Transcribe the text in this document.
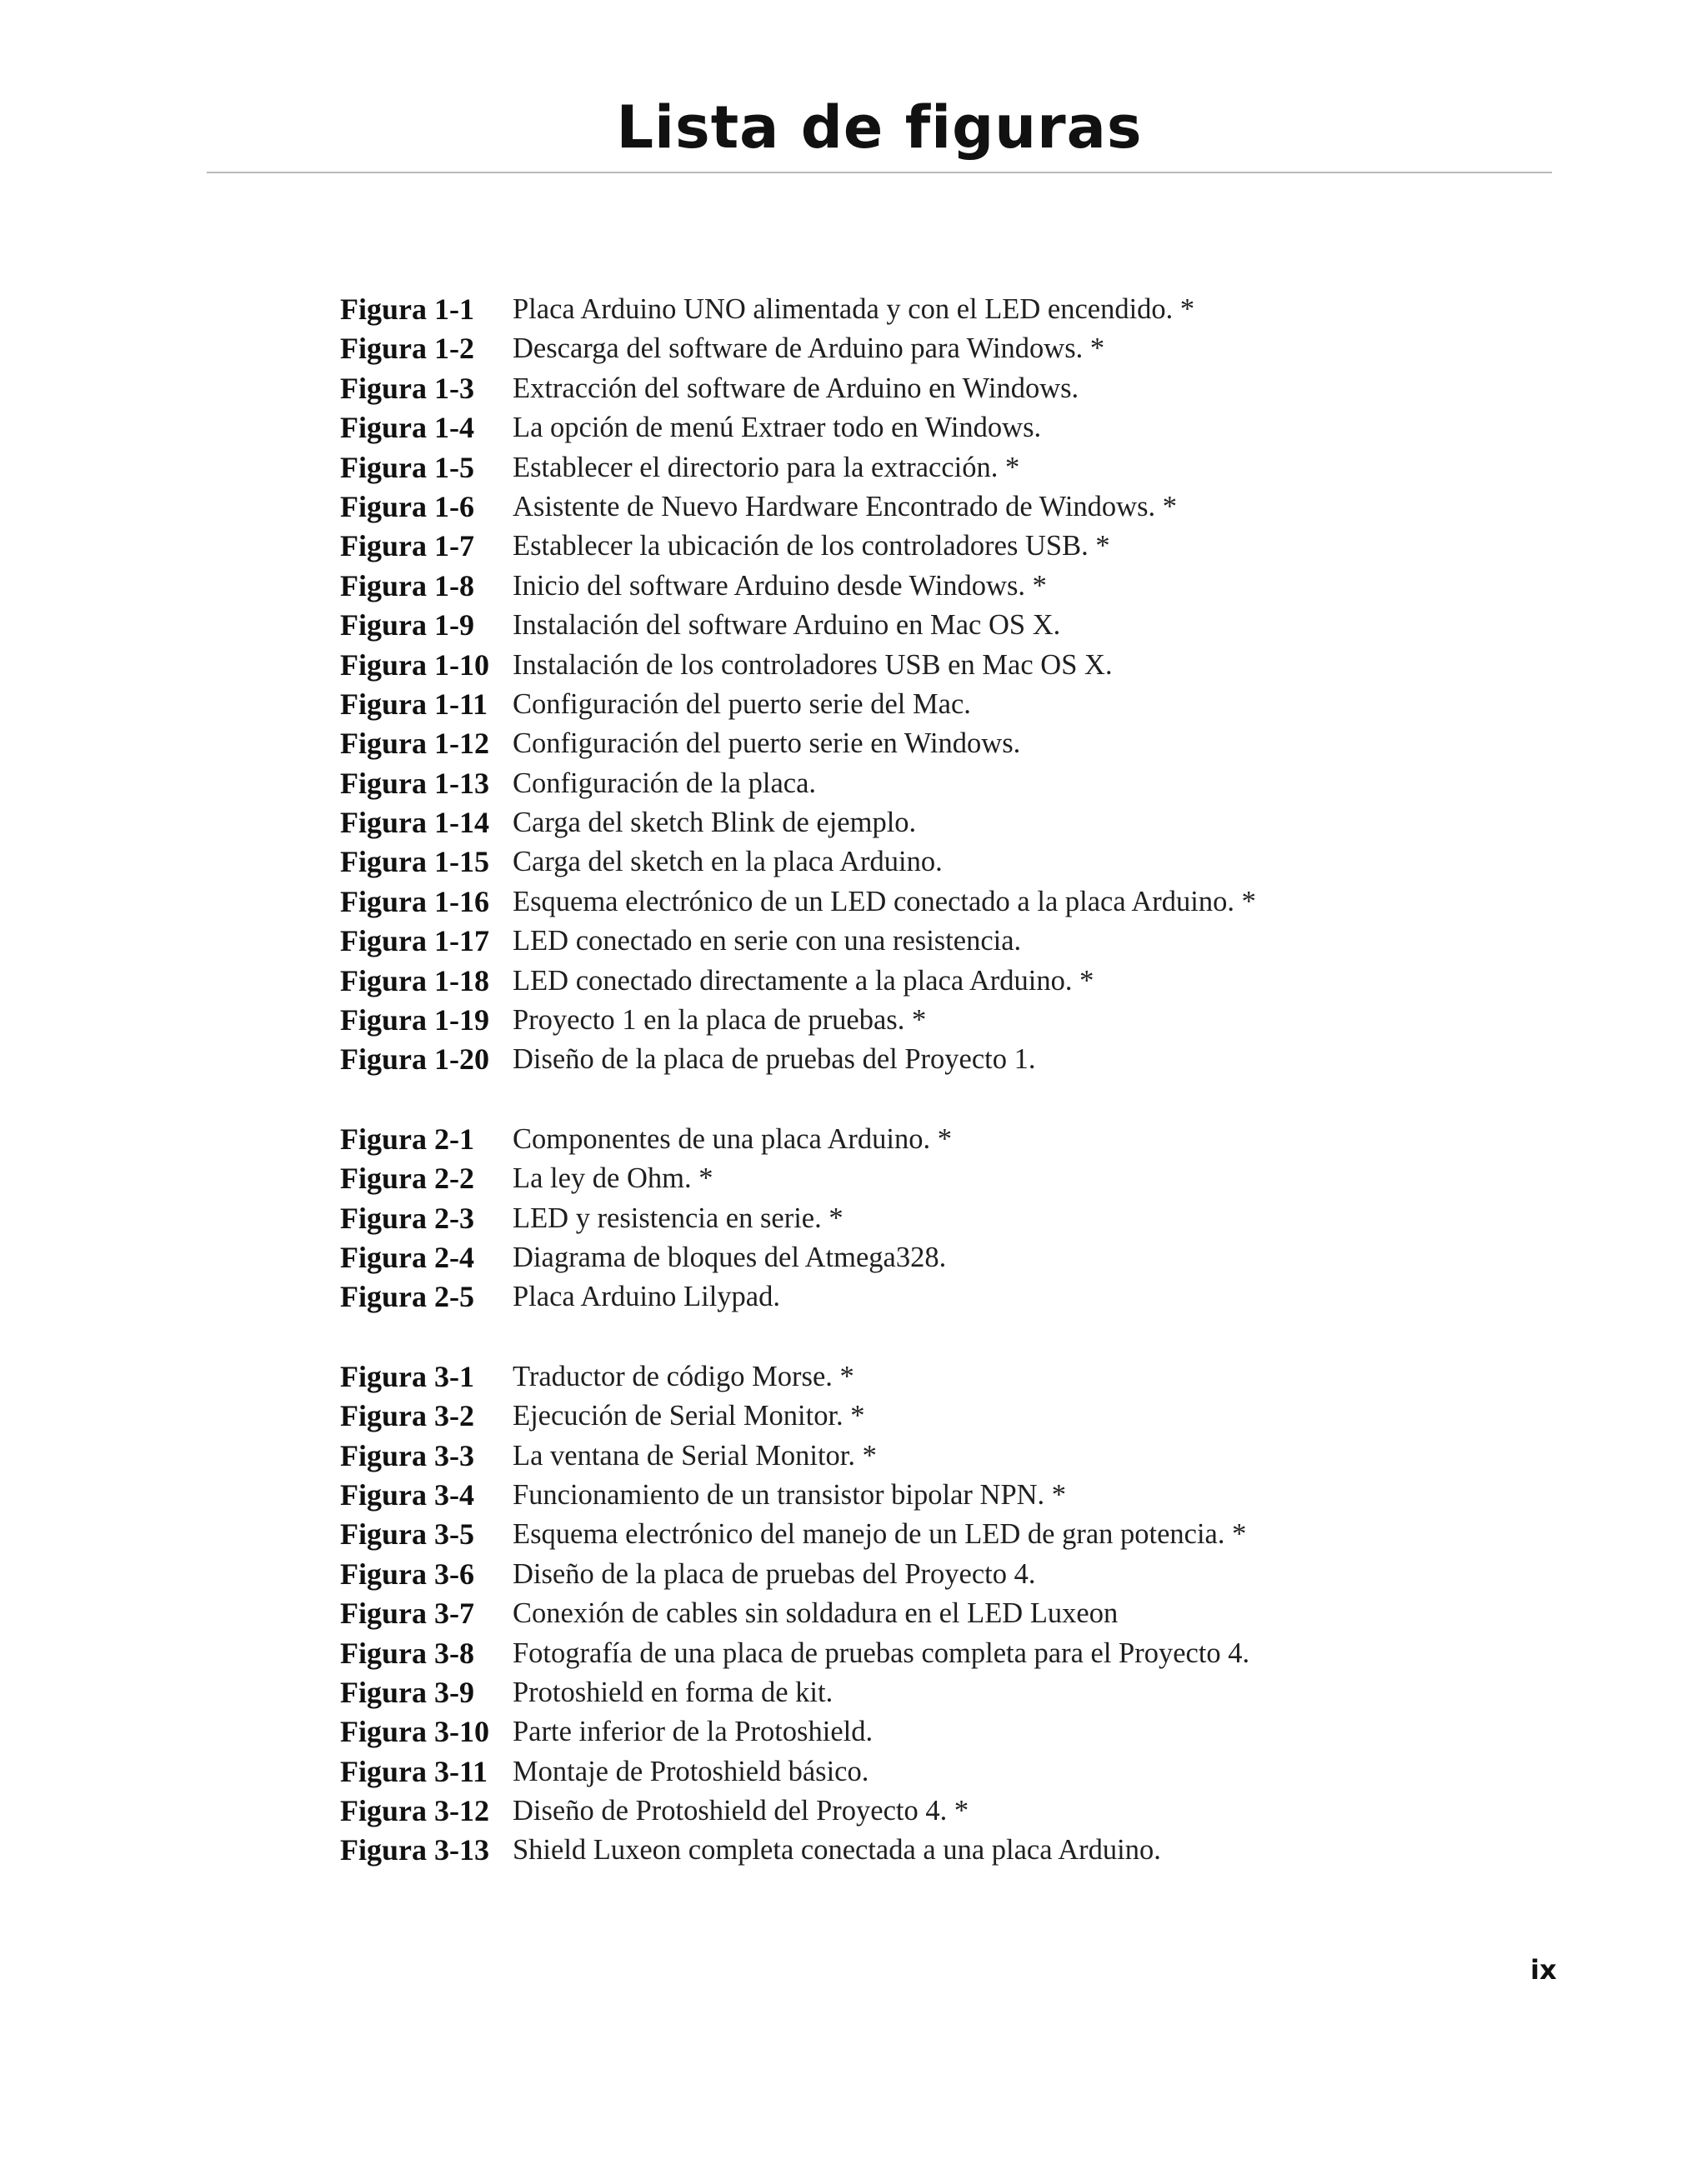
Lista de figuras
Figura 1-1	Placa Arduino UNO alimentada y con el LED encendido. *
Figura 1-2	Descarga del software de Arduino para Windows. *
Figura 1-3	Extracción del software de Arduino en Windows.
Figura 1-4	La opción de menú Extraer todo en Windows.
Figura 1-5	Establecer el directorio para la extracción. *
Figura 1-6	Asistente de Nuevo Hardware Encontrado de Windows. *
Figura 1-7	Establecer la ubicación de los controladores USB. *
Figura 1-8	Inicio del software Arduino desde Windows. *
Figura 1-9	Instalación del software Arduino en Mac OS X.
Figura 1-10 Instalación de los controladores USB en Mac OS X.
Figura 1-11 Configuración del puerto serie del Mac.
Figura 1-12 Configuración del puerto serie en Windows.
Figura 1-13 Configuración de la placa.
Figura 1-14 Carga del sketch Blink de ejemplo.
Figura 1-15 Carga del sketch en la placa Arduino.
Figura 1-16 Esquema electrónico de un LED conectado a la placa Arduino. *
Figura 1-17 LED conectado en serie con una resistencia.
Figura 1-18 LED conectado directamente a la placa Arduino. *
Figura 1-19 Proyecto 1 en la placa de pruebas. *
Figura 1-20 Diseño de la placa de pruebas del Proyecto 1.
Figura 2-1	Componentes de una placa Arduino. *
Figura 2-2	La ley de Ohm. *
Figura 2-3	LED y resistencia en serie. *
Figura 2-4	Diagrama de bloques del Atmega328.
Figura 2-5	Placa Arduino Lilypad.
Figura 3-1	Traductor de código Morse. *
Figura 3-2	Ejecución de Serial Monitor. *
Figura 3-3	La ventana de Serial Monitor. *
Figura 3-4	Funcionamiento de un transistor bipolar NPN. *
Figura 3-5	Esquema electrónico del manejo de un LED de gran potencia. *
Figura 3-6	Diseño de la placa de pruebas del Proyecto 4.
Figura 3-7	Conexión de cables sin soldadura en el LED Luxeon
Figura 3-8	Fotografía de una placa de pruebas completa para el Proyecto 4.
Figura 3-9	Protoshield en forma de kit.
Figura 3-10 Parte inferior de la Protoshield.
Figura 3-11 Montaje de Protoshield básico.
Figura 3-12 Diseño de Protoshield del Proyecto 4. *
Figura 3-13 Shield Luxeon completa conectada a una placa Arduino.
ix
